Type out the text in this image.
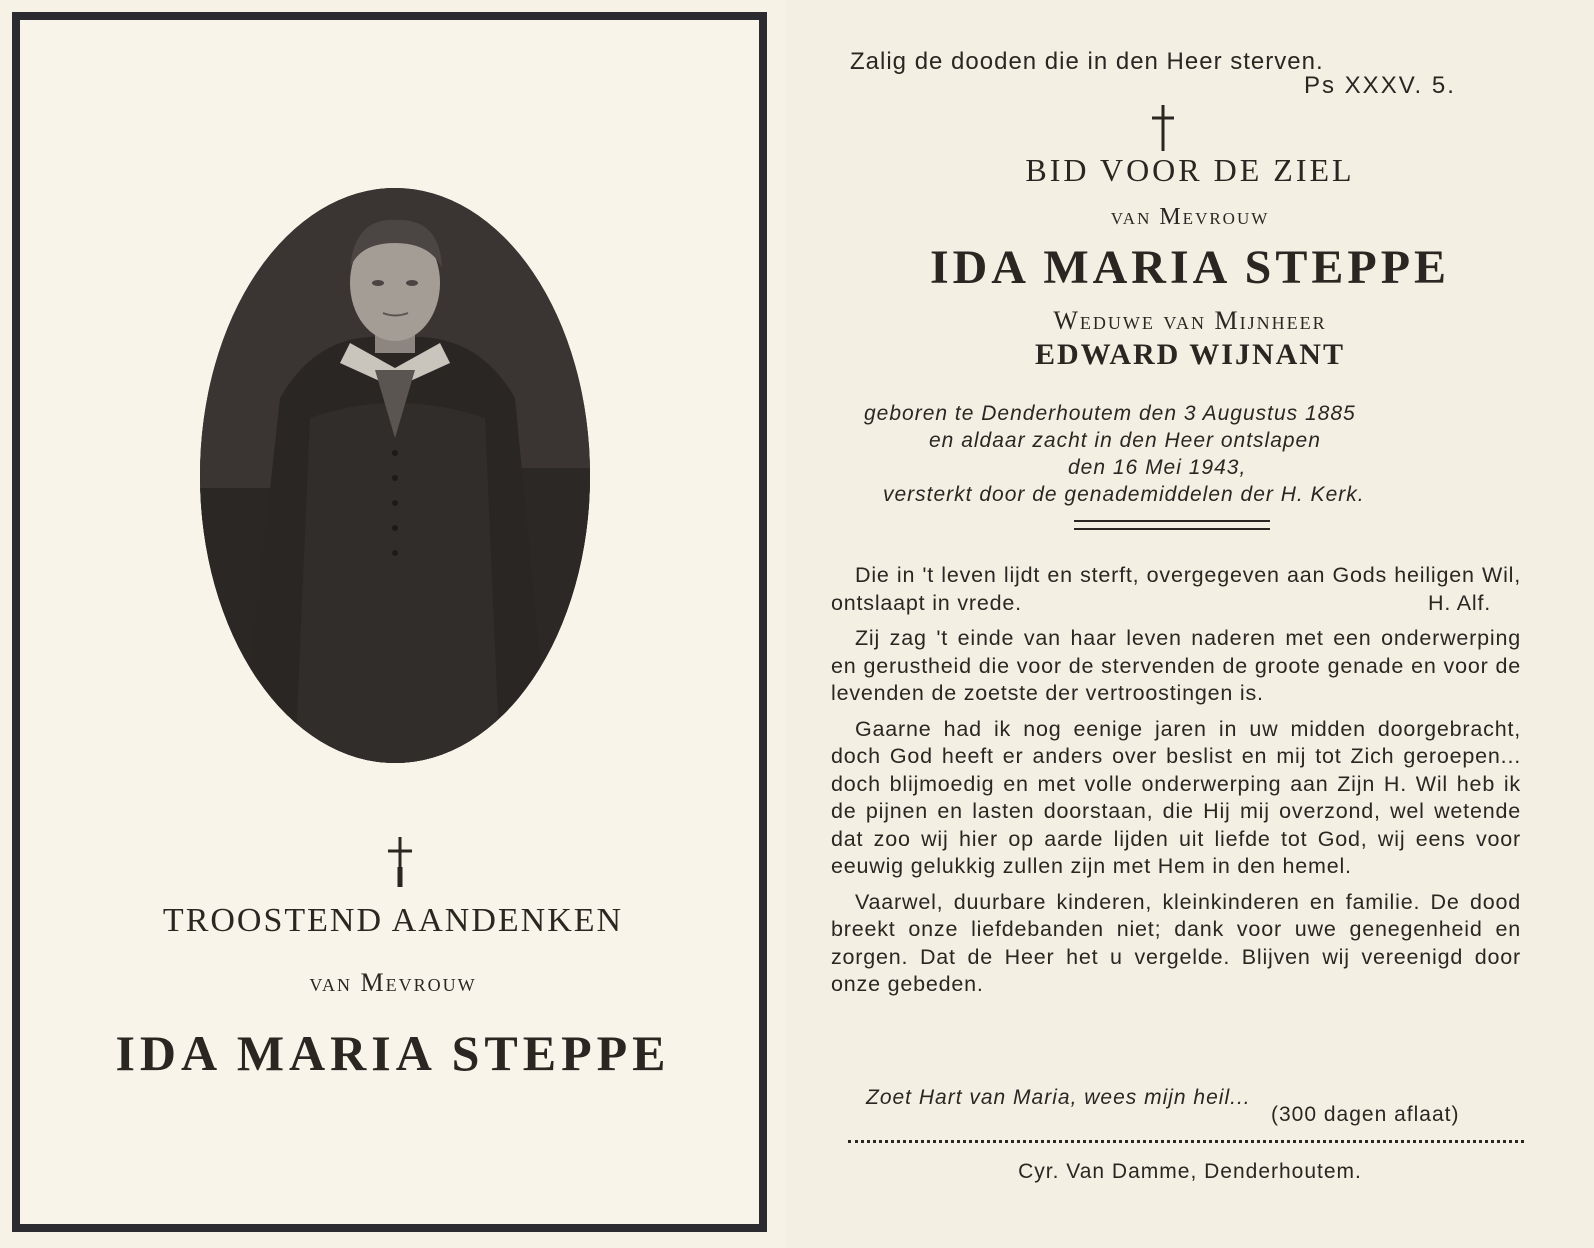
TROOSTEND AANDENKEN
van Mevrouw
IDA MARIA STEPPE
Zalig de dooden die in den Heer sterven.
Ps XXXV. 5.
BID VOOR DE ZIEL
van Mevrouw
IDA MARIA STEPPE
Weduwe van Mijnheer
EDWARD WIJNANT
geboren te Denderhoutem den 3 Augustus 1885
en aldaar zacht in den Heer ontslapen
den 16 Mei 1943,
versterkt door de genademiddelen der H. Kerk.

Die in 't leven lijdt en sterft, overgegeven aan Gods heiligen Wil, ontslaapt in vrede.	H. Alf.

Zij zag 't einde van haar leven naderen met een onderwerping en gerustheid die voor de stervenden de groote genade en voor de levenden de zoetste der vertroostingen is.

Gaarne had ik nog eenige jaren in uw midden doorgebracht, doch God heeft er anders over beslist en mij tot Zich geroepen... doch blijmoedig en met volle onderwerping aan Zijn H. Wil heb ik de pijnen en lasten doorstaan, die Hij mij overzond, wel wetende dat zoo wij hier op aarde lijden uit liefde tot God, wij eens voor eeuwig gelukkig zullen zijn met Hem in den hemel.

Vaarwel, duurbare kinderen, kleinkinderen en familie. De dood breekt onze liefdebanden niet; dank voor uwe genegenheid en zorgen. Dat de Heer het u vergelde. Blijven wij vereenigd door onze gebeden.

Zoet Hart van Maria, wees mijn heil...
(300 dagen aflaat)
Cyr. Van Damme, Denderhoutem.
